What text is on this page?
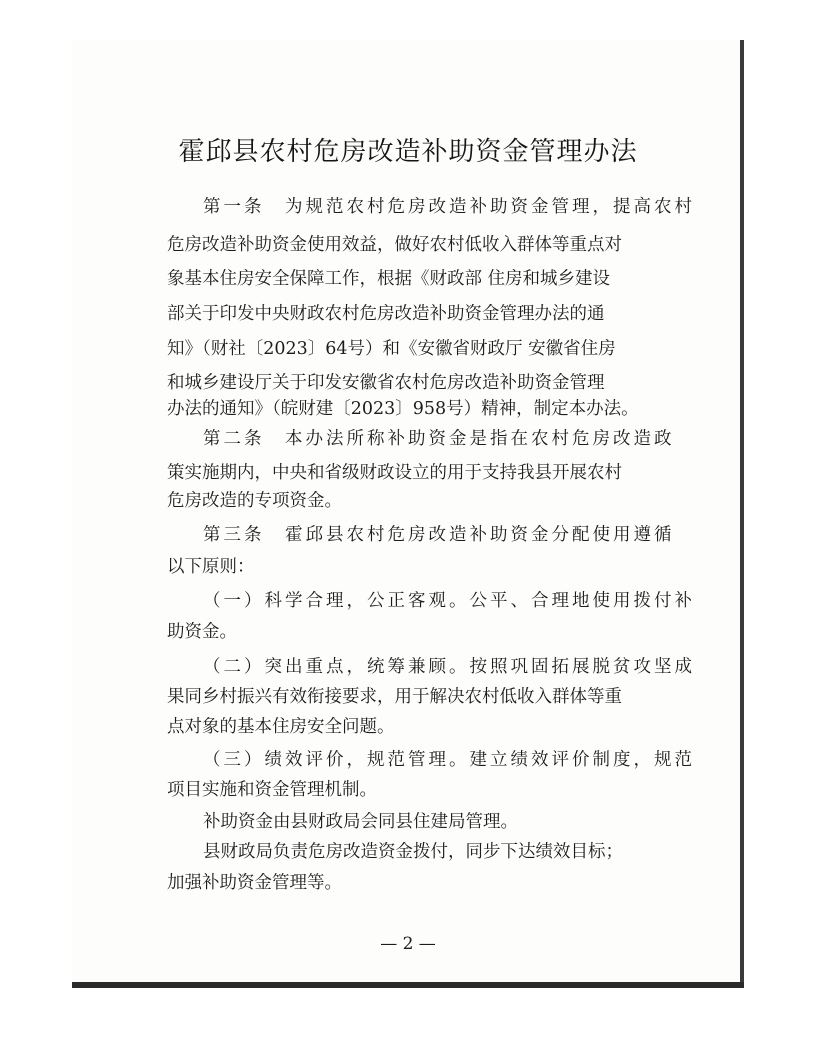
霍邱县农村危房改造补助资金管理办法

第一条　为规范农村危房改造补助资金管理，提高农村

危房改造补助资金使用效益，做好农村低收入群体等重点对

象基本住房安全保障工作，根据《财政部 住房和城乡建设

部关于印发中央财政农村危房改造补助资金管理办法的通

知》（财社〔2023〕64号）和《安徽省财政厅 安徽省住房

和城乡建设厅关于印发安徽省农村危房改造补助资金管理

办法的通知》（皖财建〔2023〕958号）精神，制定本办法。

第二条　本办法所称补助资金是指在农村危房改造政

策实施期内，中央和省级财政设立的用于支持我县开展农村

危房改造的专项资金。

第三条　霍邱县农村危房改造补助资金分配使用遵循

以下原则：

（一）科学合理，公正客观。公平、合理地使用拨付补

助资金。

（二）突出重点，统筹兼顾。按照巩固拓展脱贫攻坚成

果同乡村振兴有效衔接要求，用于解决农村低收入群体等重

点对象的基本住房安全问题。

（三）绩效评价，规范管理。建立绩效评价制度，规范

项目实施和资金管理机制。

补助资金由县财政局会同县住建局管理。

县财政局负责危房改造资金拨付，同步下达绩效目标；

加强补助资金管理等。

— 2 —
